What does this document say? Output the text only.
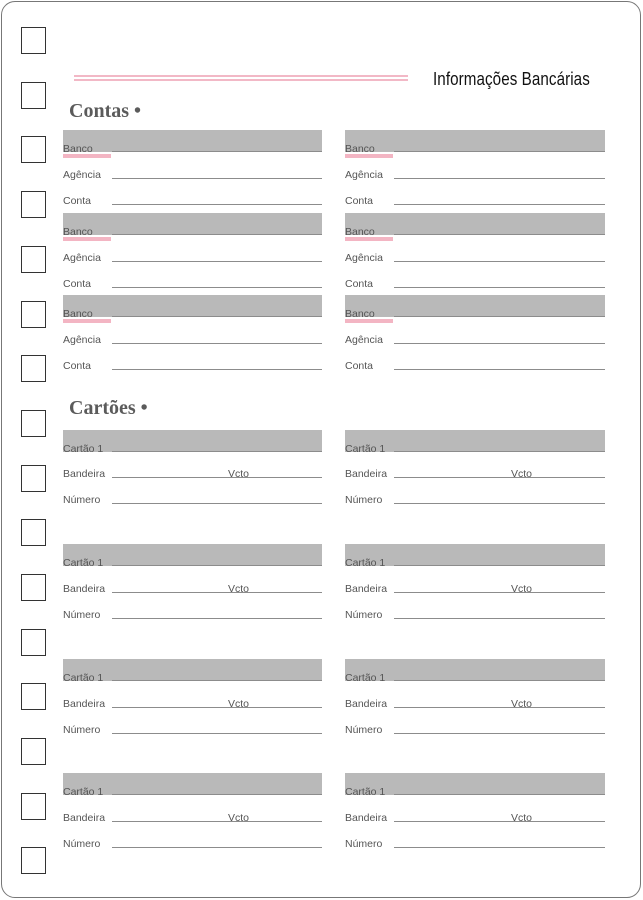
Informações Bancárias
Contas •
Banco
Agência
Conta
Banco
Agência
Conta
Banco
Agência
Conta
Banco
Agência
Conta
Banco
Agência
Conta
Banco
Agência
Conta
Cartões •
Cartão 1
Bandeira	Vcto
Número
Cartão 1
Bandeira	Vcto
Número
Cartão 1
Bandeira	Vcto
Número
Cartão 1
Bandeira	Vcto
Número
Cartão 1
Bandeira	Vcto
Número
Cartão 1
Bandeira	Vcto
Número
Cartão 1
Bandeira	Vcto
Número
Cartão 1
Bandeira	Vcto
Número
